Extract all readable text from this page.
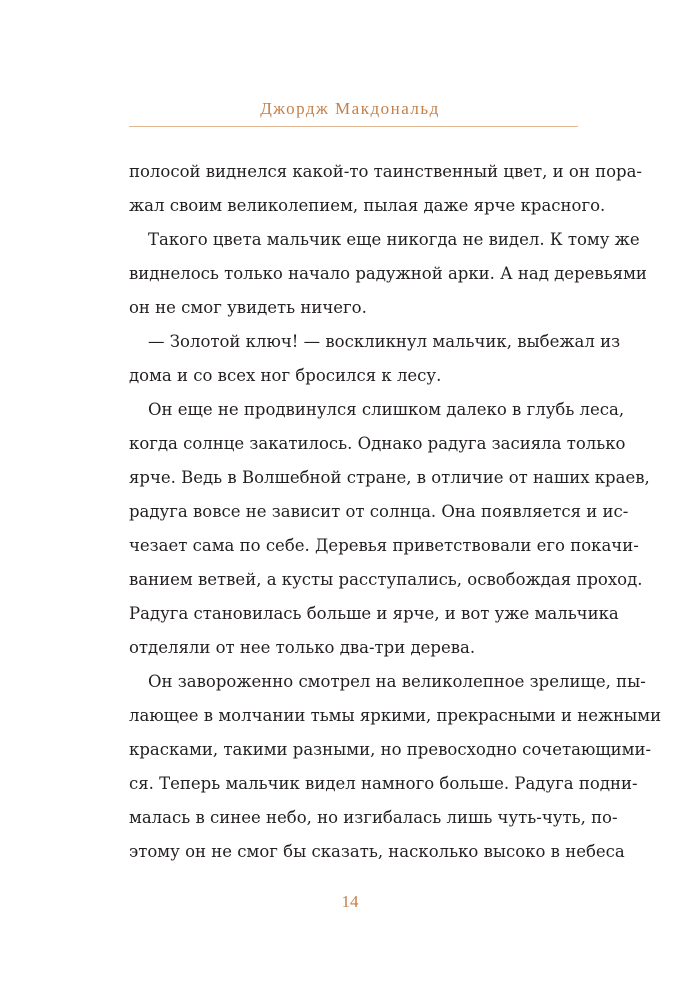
Джордж Макдональд
полосой виднелся какой-то таинственный цвет, и он пора-
жал своим великолепием, пылая даже ярче красного.
Такого цвета мальчик еще никогда не видел. К тому же
виднелось только начало радужной арки. А над деревьями
он не смог увидеть ничего.
— Золотой ключ! — воскликнул мальчик, выбежал из
дома и со всех ног бросился к лесу.
Он еще не продвинулся слишком далеко в глубь леса,
когда солнце закатилось. Однако радуга засияла только
ярче. Ведь в Волшебной стране, в отличие от наших краев,
радуга вовсе не зависит от солнца. Она появляется и ис-
чезает сама по себе. Деревья приветствовали его покачи-
ванием ветвей, а кусты расступались, освобождая проход.
Радуга становилась больше и ярче, и вот уже мальчика
отделяли от нее только два-три дерева.
Он завороженно смотрел на великолепное зрелище, пы-
лающее в молчании тьмы яркими, прекрасными и нежными
красками, такими разными, но превосходно сочетающими-
ся. Теперь мальчик видел намного больше. Радуга подни-
малась в синее небо, но изгибалась лишь чуть-чуть, по-
этому он не смог бы сказать, насколько высоко в небеса
14
